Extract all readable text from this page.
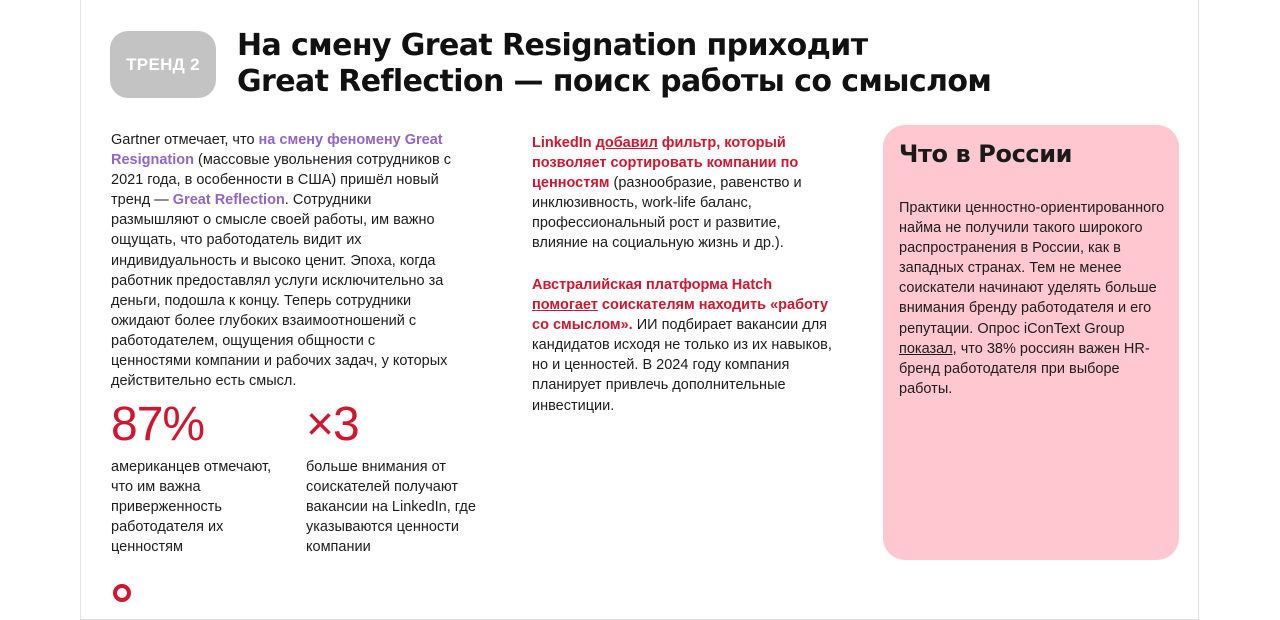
ТРЕНД 2
На смену Great Resignation приходит
Great Reflection — поиск работы со смыслом
Gartner отмечает, что на смену феномену Great Resignation (массовые увольнения сотрудников с 2021 года, в особенности в США) пришёл новый тренд — Great Reflection. Сотрудники размышляют о смысле своей работы, им важно ощущать, что работодатель видит их индивидуальность и высоко ценит. Эпоха, когда работник предоставлял услуги исключительно за деньги, подошла к концу. Теперь сотрудники ожидают более глубоких взаимоотношений с работодателем, ощущения общности с ценностями компании и рабочих задач, у которых действительно есть смысл.
87%
американцев отмечают, что им важна приверженность работодателя их ценностям
×3
больше внимания от соискателей получают вакансии на LinkedIn, где указываются ценности компании
LinkedIn добавил фильтр, который позволяет сортировать компании по ценностям (разнообразие, равенство и инклюзивность, work-life баланс, профессиональный рост и развитие, влияние на социальную жизнь и др.).
Австралийская платформа Hatch помогает соискателям находить «работу со смыслом». ИИ подбирает вакансии для кандидатов исходя не только из их навыков, но и ценностей. В 2024 году компания планирует привлечь дополнительные инвестиции.
Что в России
Практики ценностно-ориентированного найма не получили такого широкого распространения в России, как в западных странах. Тем не менее соискатели начинают уделять больше внимания бренду работодателя и его репутации. Опрос iConText Group показал, что 38% россиян важен HR-бренд работодателя при выборе работы.
